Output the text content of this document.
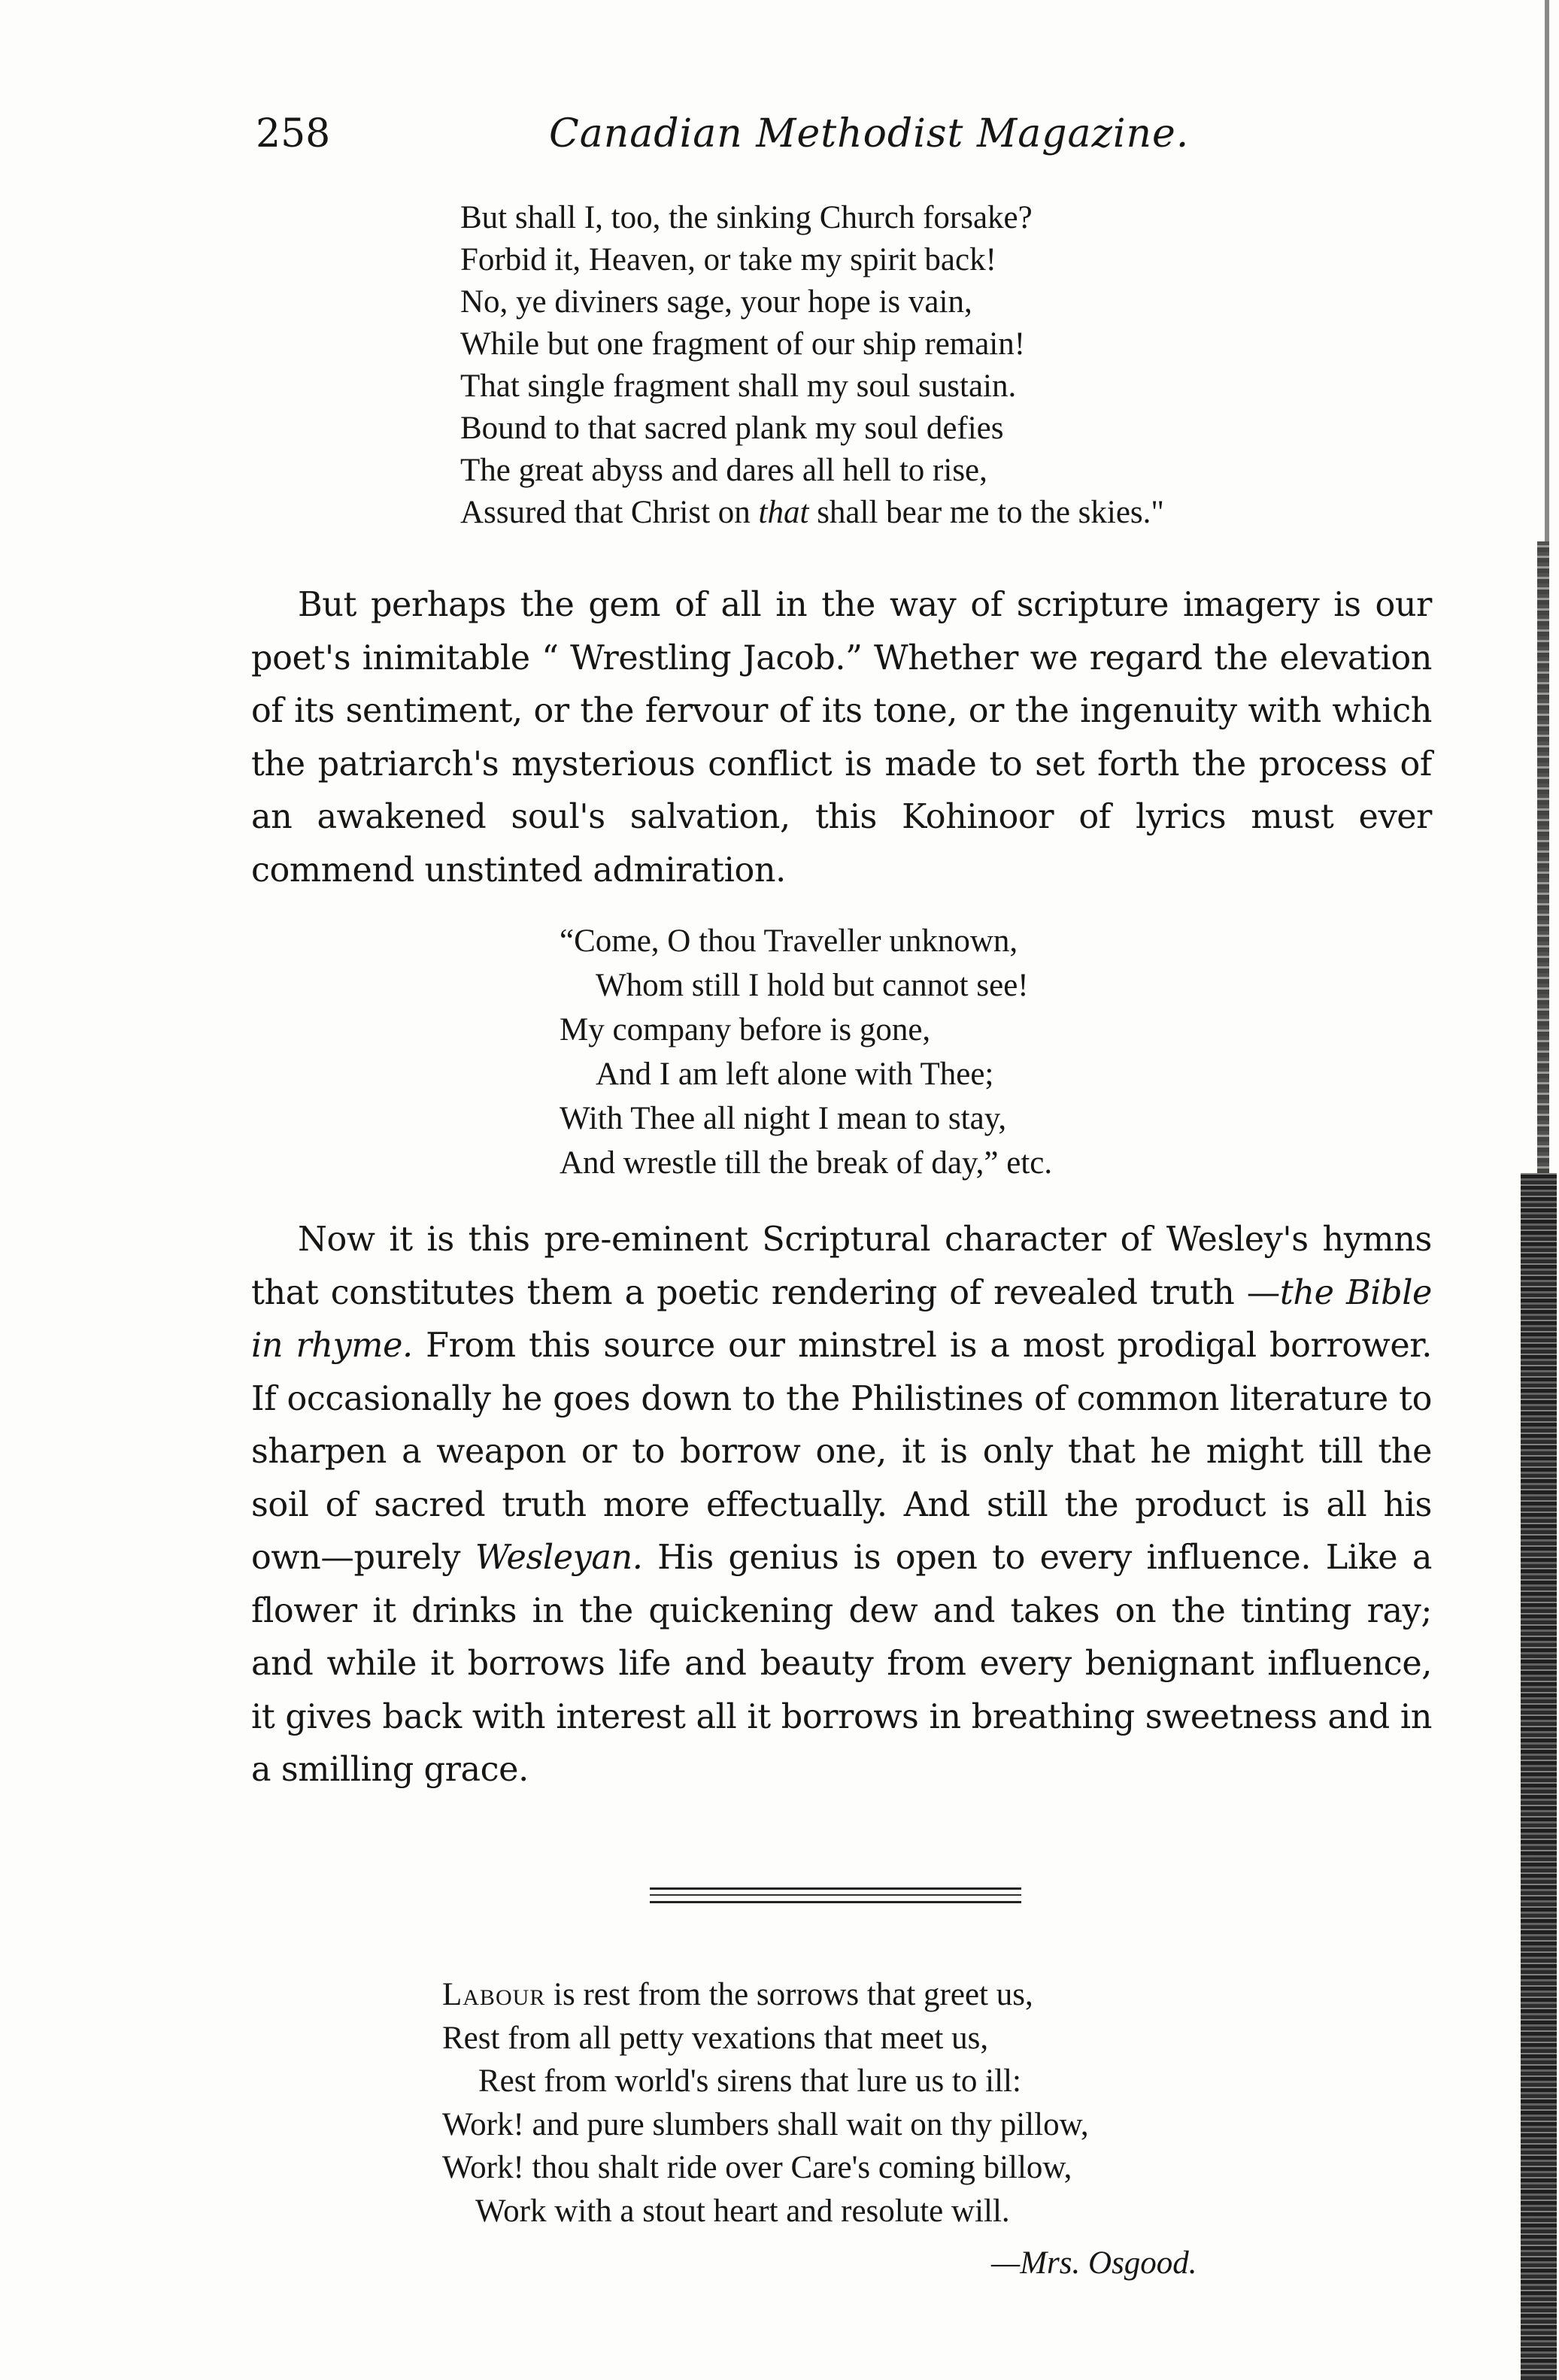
258	Canadian Methodist Magazine.
But shall I, too, the sinking Church forsake?
Forbid it, Heaven, or take my spirit back!
No, ye diviners sage, your hope is vain,
While but one fragment of our ship remain!
That single fragment shall my soul sustain.
Bound to that sacred plank my soul defies
The great abyss and dares all hell to rise,
Assured that Christ on that shall bear me to the skies."

But perhaps the gem of all in the way of scripture imagery is our poet's inimitable “ Wrestling Jacob.” Whether we regard the elevation of its sentiment, or the fervour of its tone, or the ingenuity with which the patriarch's mysterious conflict is made to set forth the process of an awakened soul's salvation, this Kohinoor of lyrics must ever commend unstinted admiration.

“Come, O thou Traveller unknown,
Whom still I hold but cannot see!
My company before is gone,
And I am left alone with Thee;
With Thee all night I mean to stay,
And wrestle till the break of day,” etc.

Now it is this pre-eminent Scriptural character of Wesley's hymns that constitutes them a poetic rendering of revealed truth —the Bible in rhyme. From this source our minstrel is a most prodigal borrower. If occasionally he goes down to the Philistines of common literature to sharpen a weapon or to borrow one, it is only that he might till the soil of sacred truth more effectually. And still the product is all his own—purely Wesleyan. His genius is open to every influence. Like a flower it drinks in the quickening dew and takes on the tinting ray; and while it borrows life and beauty from every benignant influence, it gives back with interest all it borrows in breathing sweetness and in a smilling grace.

Labour is rest from the sorrows that greet us,
Rest from all petty vexations that meet us,
Rest from world's sirens that lure us to ill:
Work! and pure slumbers shall wait on thy pillow,
Work! thou shalt ride over Care's coming billow,
Work with a stout heart and resolute will.
—Mrs. Osgood.
